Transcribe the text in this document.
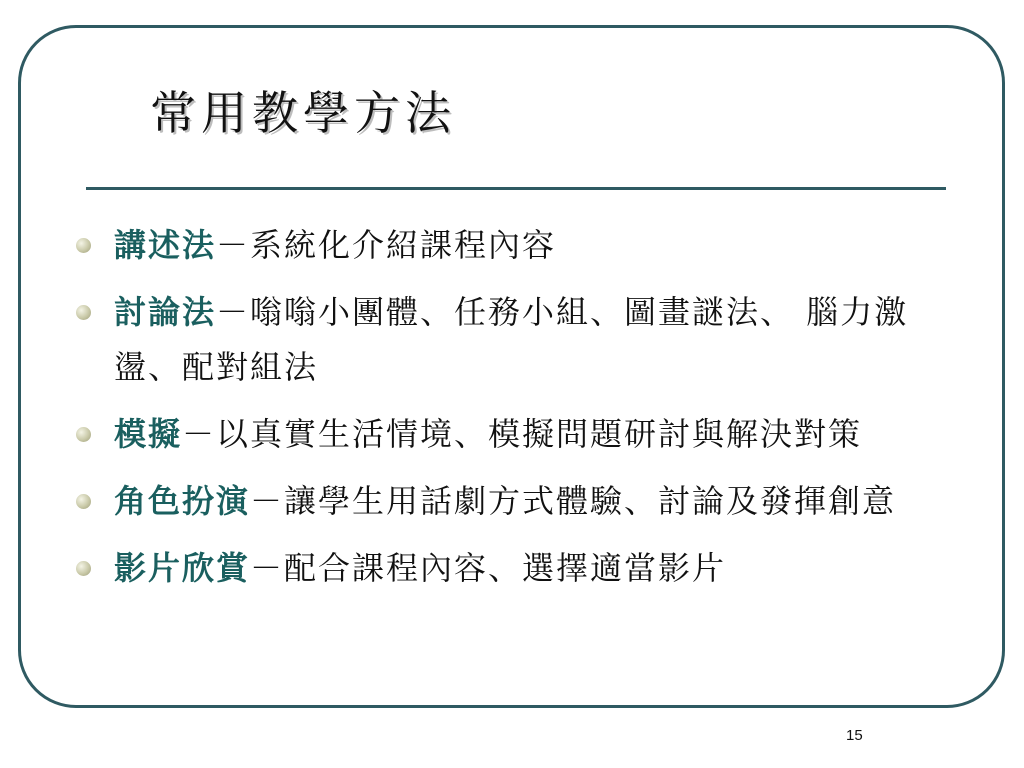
常用教學方法
講述法－系統化介紹課程內容
討論法－嗡嗡小團體、任務小組、圖畫謎法、 腦力激盪、配對組法
模擬－以真實生活情境、模擬問題研討與解決對策
角色扮演－讓學生用話劇方式體驗、討論及發揮創意
影片欣賞－配合課程內容、選擇適當影片
15
